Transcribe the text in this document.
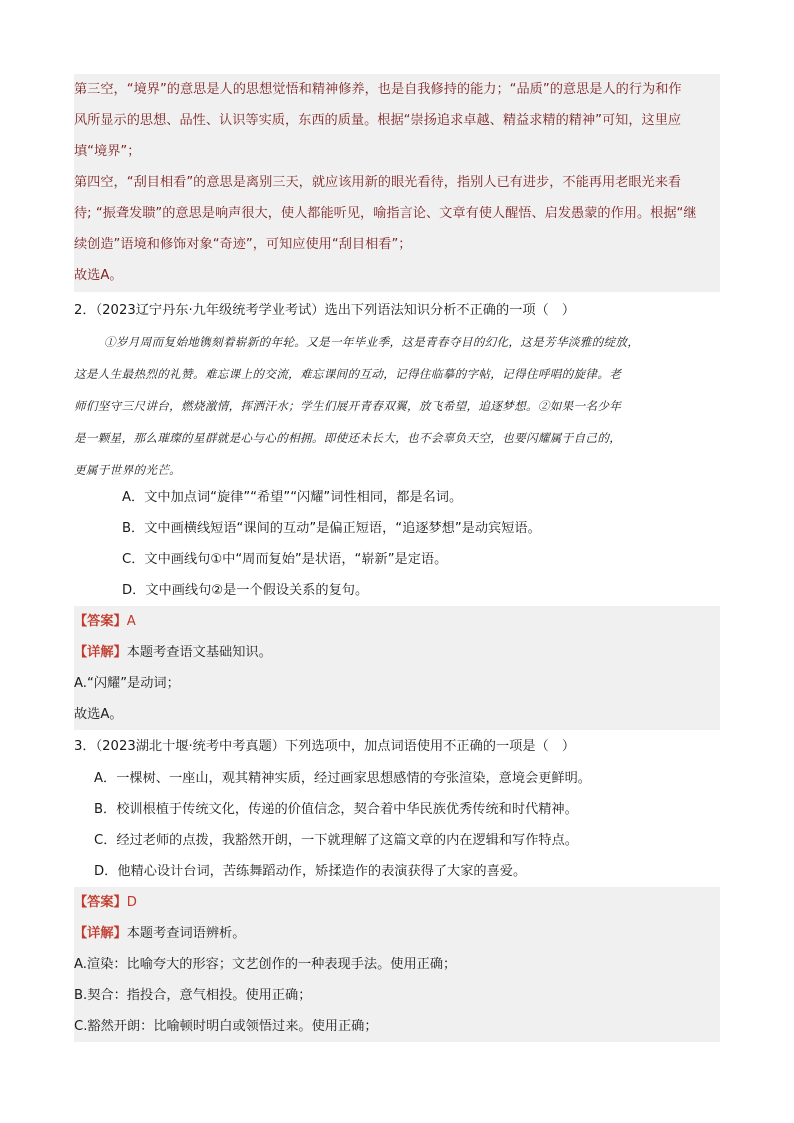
第三空，“境界”的意思是人的思想觉悟和精神修养，也是自我修持的能力；“品质”的意思是人的行为和作
风所显示的思想、品性、认识等实质，东西的质量。根据“崇扬追求卓越、精益求精的精神”可知，这里应
填“境界”；
第四空，“刮目相看”的意思是离别三天，就应该用新的眼光看待，指别人已有进步，不能再用老眼光来看
待; “振聋发聩”的意思是响声很大，使人都能听见，喻指言论、文章有使人醒悟、启发愚蒙的作用。根据“继
续创造”语境和修饰对象“奇迹”，可知应使用“刮目相看”；
故选A。
2．（2023辽宁丹东·九年级统考学业考试）选出下列语法知识分析不正确的一项（　）
①岁月周而复始地镌刻着崭新的年轮。又是一年毕业季，这是青春夺目的幻化，这是芳华淡雅的绽放，
这是人生最热烈的礼赞。难忘课上的交流，难忘课间的互动，记得住临摹的字帖，记得住呼唱的旋律。老
师们坚守三尺讲台，燃烧激情，挥洒汗水；学生们展开青春双翼，放飞希望，追逐梦想。②如果一名少年
是一颗星，那么璀璨的星群就是心与心的相拥。即使还未长大，也不会辜负天空，也要闪耀属于自己的，
更属于世界的光芒。
A．文中加点词“旋律”“希望”“闪耀”词性相同，都是名词。
B．文中画横线短语“课间的互动”是偏正短语，“追逐梦想”是动宾短语。
C．文中画线句①中“周而复始”是状语，“崭新”是定语。
D．文中画线句②是一个假设关系的复句。
【答案】A
【详解】本题考查语文基础知识。
A.“闪耀”是动词；
故选A。
3．（2023湖北十堰·统考中考真题）下列选项中，加点词语使用不正确的一项是（　）
A．一棵树、一座山，观其精神实质，经过画家思想感情的夸张渲染，意境会更鲜明。
B．校训根植于传统文化，传递的价值信念，契合着中华民族优秀传统和时代精神。
C．经过老师的点拨，我豁然开朗，一下就理解了这篇文章的内在逻辑和写作特点。
D．他精心设计台词，苦练舞蹈动作，矫揉造作的表演获得了大家的喜爱。
【答案】D
【详解】本题考查词语辨析。
A.渲染：比喻夸大的形容；文艺创作的一种表现手法。使用正确；
B.契合：指投合，意气相投。使用正确；
C.豁然开朗：比喻顿时明白或领悟过来。使用正确；
